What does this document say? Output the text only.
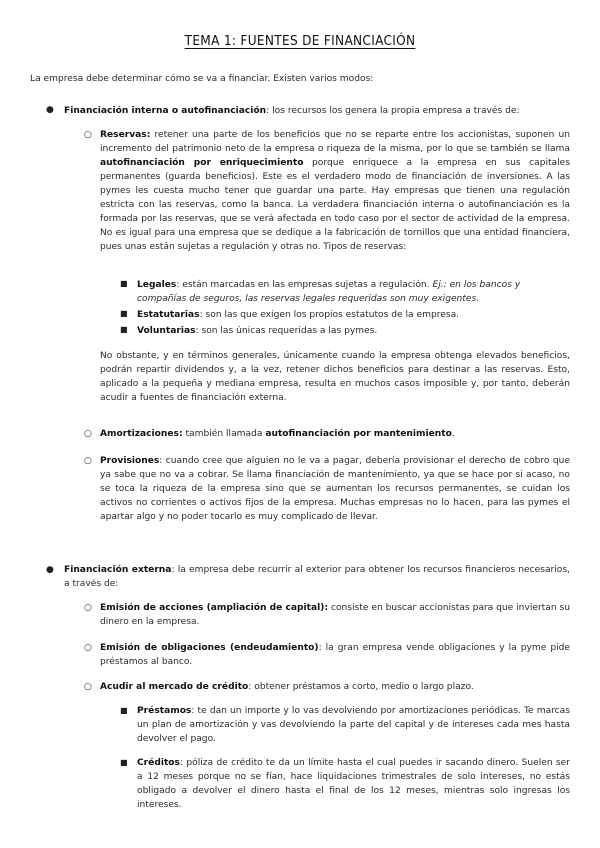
TEMA 1: FUENTES DE FINANCIACIÓN
La empresa debe determinar cómo se va a financiar. Existen varios modos:
● Financiación interna o autofinanciación: los recursos los genera la propia empresa a través de:
○ Reservas: retener una parte de los beneficios que no se reparte entre los accionistas, suponen un incremento del patrimonio neto de la empresa o riqueza de la misma, por lo que se también se llama autofinanciación por enriquecimiento porque enriquece a la empresa en sus capitales permanentes (guarda beneficios). Este es el verdadero modo de financiación de inversiones. A las pymes les cuesta mucho tener que guardar una parte. Hay empresas que tienen una regulación estricta con las reservas, como la banca. La verdadera financiación interna o autofinanciación es la formada por las reservas, que se verá afectada en todo caso por el sector de actividad de la empresa. No es igual para una empresa que se dedique a la fabricación de tornillos que una entidad financiera, pues unas están sujetas a regulación y otras no. Tipos de reservas:
■ Legales: están marcadas en las empresas sujetas a regulación. Ej.: en los bancos y compañías de seguros, las reservas legales requeridas son muy exigentes.
■ Estatutarias: son las que exigen los propios estatutos de la empresa.
■ Voluntarias: son las únicas requeridas a las pymes.
No obstante, y en términos generales, únicamente cuando la empresa obtenga elevados beneficios, podrán repartir dividendos y, a la vez, retener dichos beneficios para destinar a las reservas. Esto, aplicado a la pequeña y mediana empresa, resulta en muchos casos imposible y, por tanto, deberán acudir a fuentes de financiación externa.
○ Amortizaciones: también llamada autofinanciación por mantenimiento.
○ Provisiones: cuando cree que alguien no le va a pagar, debería provisionar el derecho de cobro que ya sabe que no va a cobrar. Se llama financiación de mantenimiento, ya que se hace por si acaso, no se toca la riqueza de la empresa sino que se aumentan los recursos permanentes, se cuidan los activos no corrientes o activos fijos de la empresa. Muchas empresas no lo hacen, para las pymes el apartar algo y no poder tocarlo es muy complicado de llevar.
● Financiación externa: la empresa debe recurrir al exterior para obtener los recursos financieros necesarios, a través de:
○ Emisión de acciones (ampliación de capital): consiste en buscar accionistas para que inviertan su dinero en la empresa.
○ Emisión de obligaciones (endeudamiento): la gran empresa vende obligaciones y la pyme pide préstamos al banco.
○ Acudir al mercado de crédito: obtener préstamos a corto, medio o largo plazo.
■ Préstamos: te dan un importe y lo vas devolviendo por amortizaciones periódicas. Te marcas un plan de amortización y vas devolviendo la parte del capital y de intereses cada mes hasta devolver el pago.
■ Créditos: póliza de crédito te da un límite hasta el cual puedes ir sacando dinero. Suelen ser a 12 meses porque no se fían, hace liquidaciones trimestrales de solo intereses, no estás obligado a devolver el dinero hasta el final de los 12 meses, mientras solo ingresas los intereses.
